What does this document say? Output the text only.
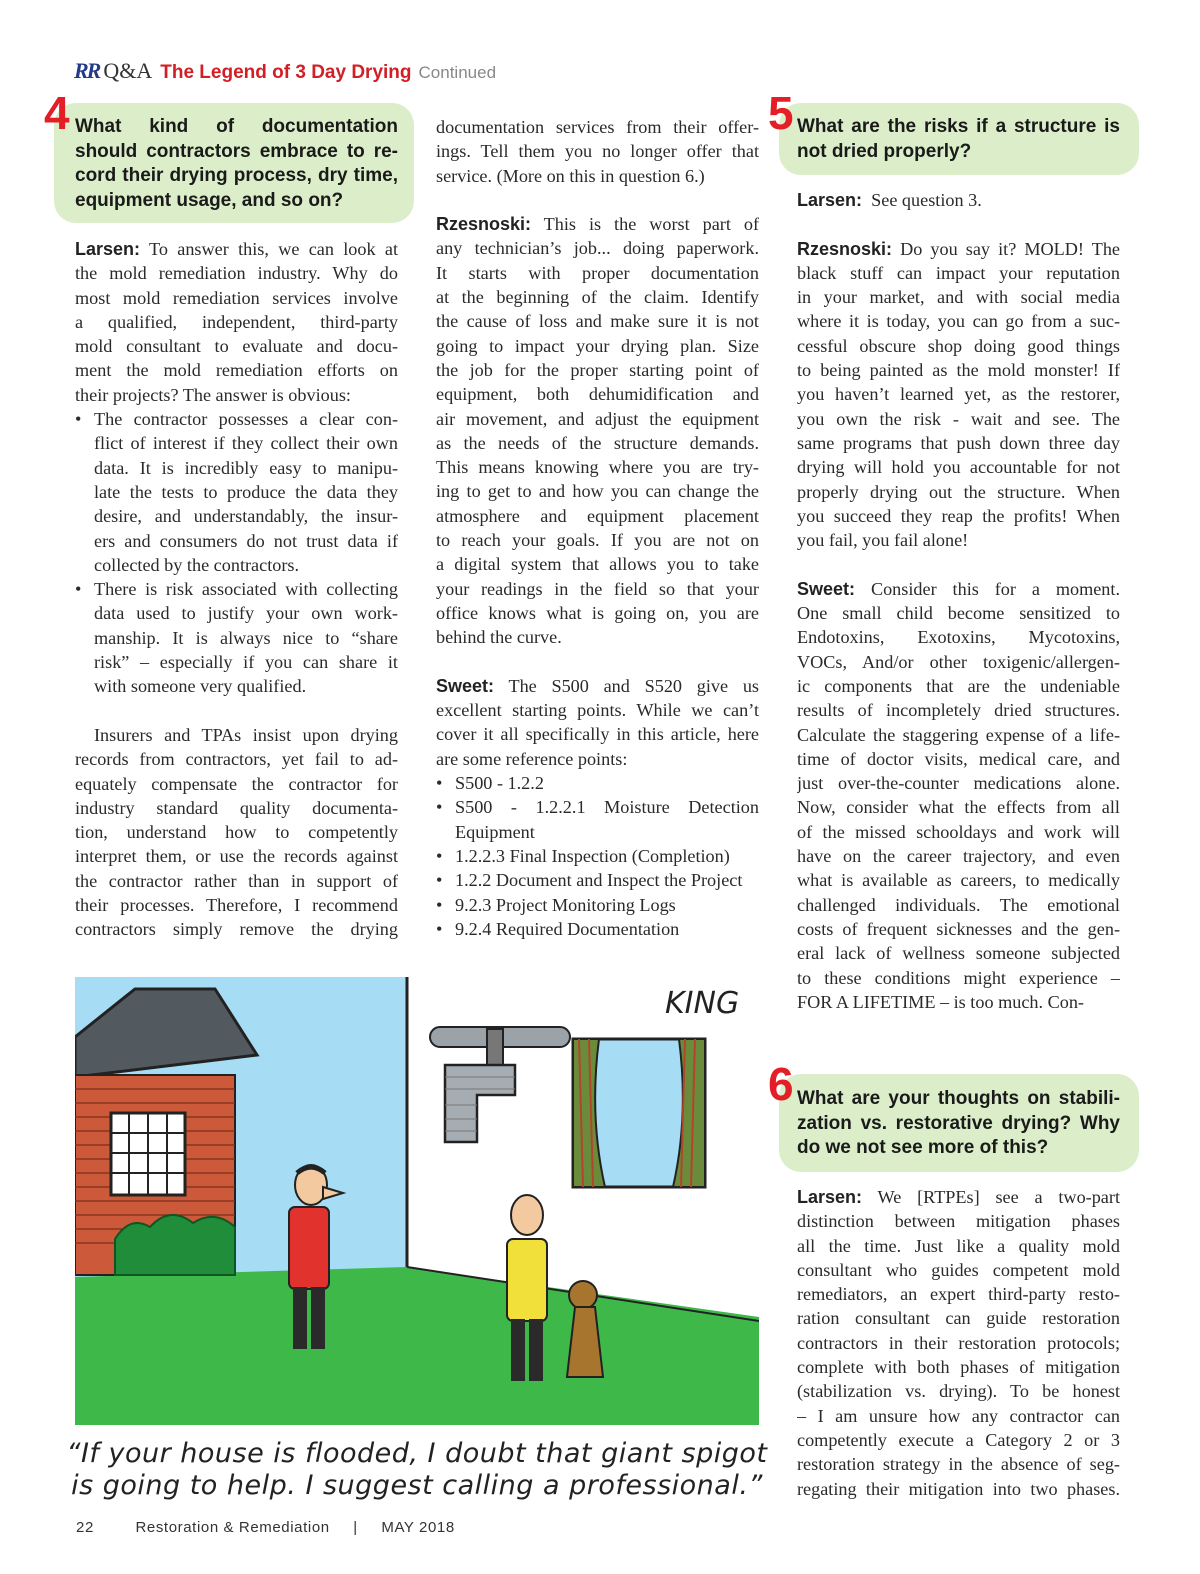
RR Q&A The Legend of 3 Day Drying Continued
4 What kind of documentation
should contractors embrace to re-
cord their drying process, dry time,
equipment usage, and so on?
Larsen: To answer this, we can look at
the mold remediation industry. Why do
most mold remediation services involve
a qualified, independent, third-party
mold consultant to evaluate and docu-
ment the mold remediation efforts on
their projects? The answer is obvious:
• The contractor possesses a clear con-
flict of interest if they collect their own
data. It is incredibly easy to manipu-
late the tests to produce the data they
desire, and understandably, the insur-
ers and consumers do not trust data if
collected by the contractors.
• There is risk associated with collecting
data used to justify your own work-
manship. It is always nice to “share
risk” – especially if you can share it
with someone very qualified.
Insurers and TPAs insist upon drying
records from contractors, yet fail to ad-
equately compensate the contractor for
industry standard quality documenta-
tion, understand how to competently
interpret them, or use the records against
the contractor rather than in support of
their processes. Therefore, I recommend
contractors simply remove the drying
documentation services from their offer-
ings. Tell them you no longer offer that
service. (More on this in question 6.)
Rzesnoski: This is the worst part of
any technician’s job... doing paperwork.
It starts with proper documentation
at the beginning of the claim. Identify
the cause of loss and make sure it is not
going to impact your drying plan. Size
the job for the proper starting point of
equipment, both dehumidification and
air movement, and adjust the equipment
as the needs of the structure demands.
This means knowing where you are try-
ing to get to and how you can change the
atmosphere and equipment placement
to reach your goals. If you are not on
a digital system that allows you to take
your readings in the field so that your
office knows what is going on, you are
behind the curve.
Sweet: The S500 and S520 give us
excellent starting points. While we can’t
cover it all specifically in this article, here
are some reference points:
• S500 - 1.2.2
• S500 - 1.2.2.1 Moisture Detection
Equipment
• 1.2.2.3 Final Inspection (Completion)
• 1.2.2 Document and Inspect the Project
• 9.2.3 Project Monitoring Logs
• 9.2.4 Required Documentation
5 What are the risks if a structure is
not dried properly?
Larsen: See question 3.
Rzesnoski: Do you say it? MOLD! The
black stuff can impact your reputation
in your market, and with social media
where it is today, you can go from a suc-
cessful obscure shop doing good things
to being painted as the mold monster! If
you haven’t learned yet, as the restorer,
you own the risk - wait and see. The
same programs that push down three day
drying will hold you accountable for not
properly drying out the structure. When
you succeed they reap the profits! When
you fail, you fail alone!
Sweet: Consider this for a moment.
One small child become sensitized to
Endotoxins, Exotoxins, Mycotoxins,
VOCs, And/or other toxigenic/allergen-
ic components that are the undeniable
results of incompletely dried structures.
Calculate the staggering expense of a life-
time of doctor visits, medical care, and
just over-the-counter medications alone.
Now, consider what the effects from all
of the missed schooldays and work will
have on the career trajectory, and even
what is available as careers, to medically
challenged individuals. The emotional
costs of frequent sicknesses and the gen-
eral lack of wellness someone subjected
to these conditions might experience –
FOR A LIFETIME – is too much. Con-
6 What are your thoughts on stabili-
zation vs. restorative drying? Why
do we not see more of this?
Larsen: We [RTPEs] see a two-part
distinction between mitigation phases
all the time. Just like a quality mold
consultant who guides competent mold
remediators, an expert third-party resto-
ration consultant can guide restoration
contractors in their restoration protocols;
complete with both phases of mitigation
(stabilization vs. drying). To be honest
– I am unsure how any contractor can
competently execute a Category 2 or 3
restoration strategy in the absence of seg-
regating their mitigation into two phases.
KING
“If your house is flooded, I doubt that giant spigot
is going to help. I suggest calling a professional.”
22	Restoration & Remediation | MAY 2018
